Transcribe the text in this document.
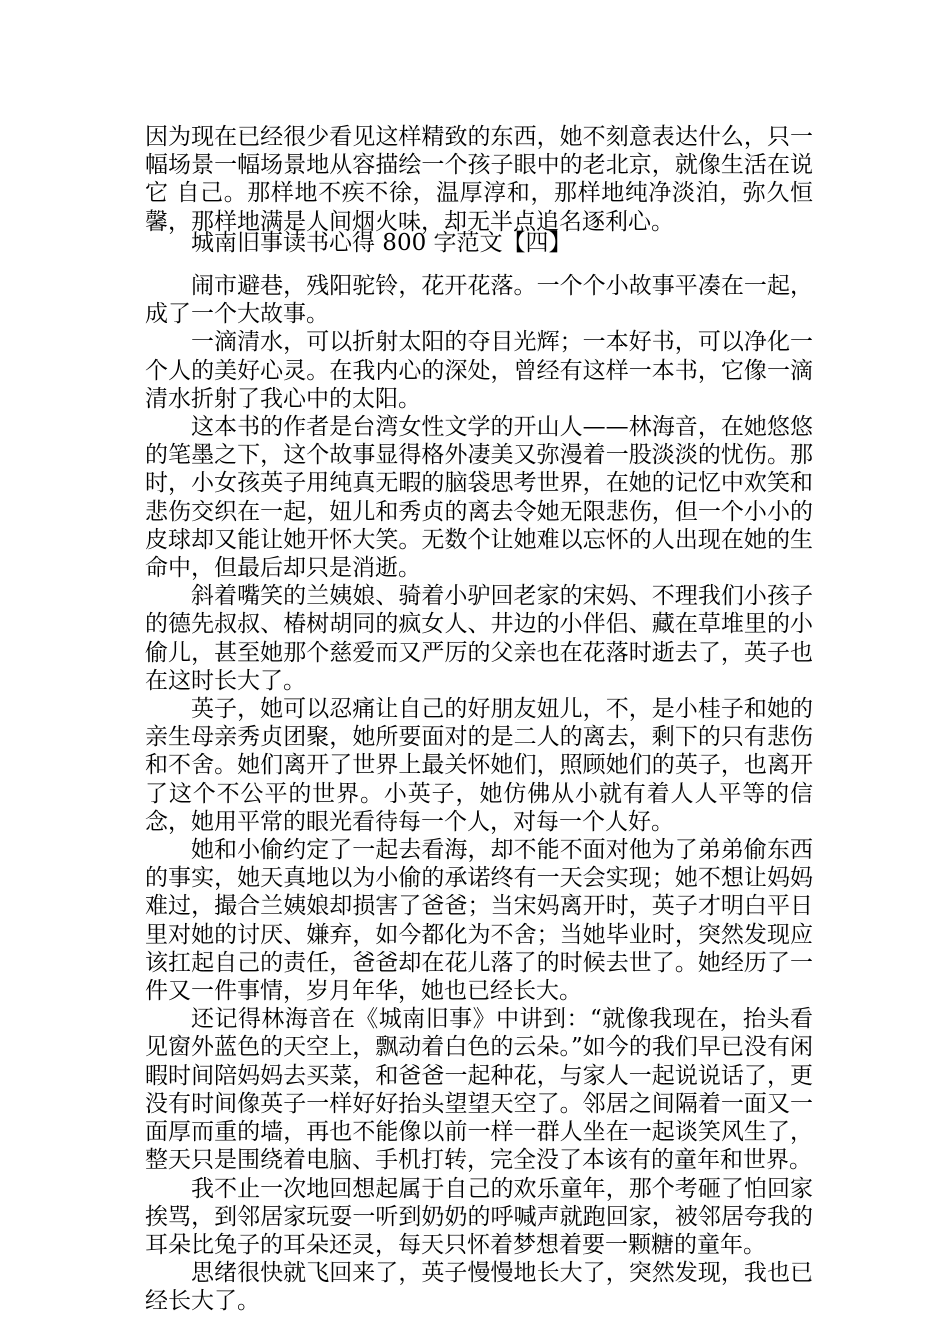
因为现在已经很少看见这样精致的东西，她不刻意表达什么，只一幅场景一幅场景地从容描绘一个孩子眼中的老北京，就像生活在说它 自己。那样地不疾不徐，温厚淳和，那样地纯净淡泊，弥久恒馨，那样地满是人间烟火味，却无半点追名逐利心。

城南旧事读书心得 800 字范文【四】

闹市避巷，残阳驼铃，花开花落。一个个小故事平凑在一起，成了一个大故事。

一滴清水，可以折射太阳的夺目光辉；一本好书，可以净化一个人的美好心灵。在我内心的深处，曾经有这样一本书，它像一滴清水折射了我心中的太阳。

这本书的作者是台湾女性文学的开山人——林海音，在她悠悠的笔墨之下，这个故事显得格外凄美又弥漫着一股淡淡的忧伤。那时，小女孩英子用纯真无暇的脑袋思考世界，在她的记忆中欢笑和悲伤交织在一起，妞儿和秀贞的离去令她无限悲伤，但一个小小的皮球却又能让她开怀大笑。无数个让她难以忘怀的人出现在她的生命中，但最后却只是消逝。

斜着嘴笑的兰姨娘、骑着小驴回老家的宋妈、不理我们小孩子的德先叔叔、椿树胡同的疯女人、井边的小伴侣、藏在草堆里的小偷儿，甚至她那个慈爱而又严厉的父亲也在花落时逝去了，英子也在这时长大了。

英子，她可以忍痛让自己的好朋友妞儿，不，是小桂子和她的亲生母亲秀贞团聚，她所要面对的是二人的离去，剩下的只有悲伤和不舍。她们离开了世界上最关怀她们，照顾她们的英子，也离开了这个不公平的世界。小英子，她仿佛从小就有着人人平等的信念，她用平常的眼光看待每一个人，对每一个人好。

她和小偷约定了一起去看海，却不能不面对他为了弟弟偷东西的事实，她天真地以为小偷的承诺终有一天会实现；她不想让妈妈难过，撮合兰姨娘却损害了爸爸；当宋妈离开时，英子才明白平日里对她的讨厌、嫌弃，如今都化为不舍；当她毕业时，突然发现应该扛起自己的责任，爸爸却在花儿落了的时候去世了。她经历了一件又一件事情，岁月年华，她也已经长大。

还记得林海音在《城南旧事》中讲到：“就像我现在，抬头看见窗外蓝色的天空上，飘动着白色的云朵。”如今的我们早已没有闲暇时间陪妈妈去买菜，和爸爸一起种花，与家人一起说说话了，更没有时间像英子一样好好抬头望望天空了。邻居之间隔着一面又一面厚而重的墙，再也不能像以前一样一群人坐在一起谈笑风生了，整天只是围绕着电脑、手机打转，完全没了本该有的童年和世界。

我不止一次地回想起属于自己的欢乐童年，那个考砸了怕回家挨骂，到邻居家玩耍一听到奶奶的呼喊声就跑回家，被邻居夸我的耳朵比兔子的耳朵还灵，每天只怀着梦想着要一颗糖的童年。

思绪很快就飞回来了，英子慢慢地长大了，突然发现，我也已经长大了。
